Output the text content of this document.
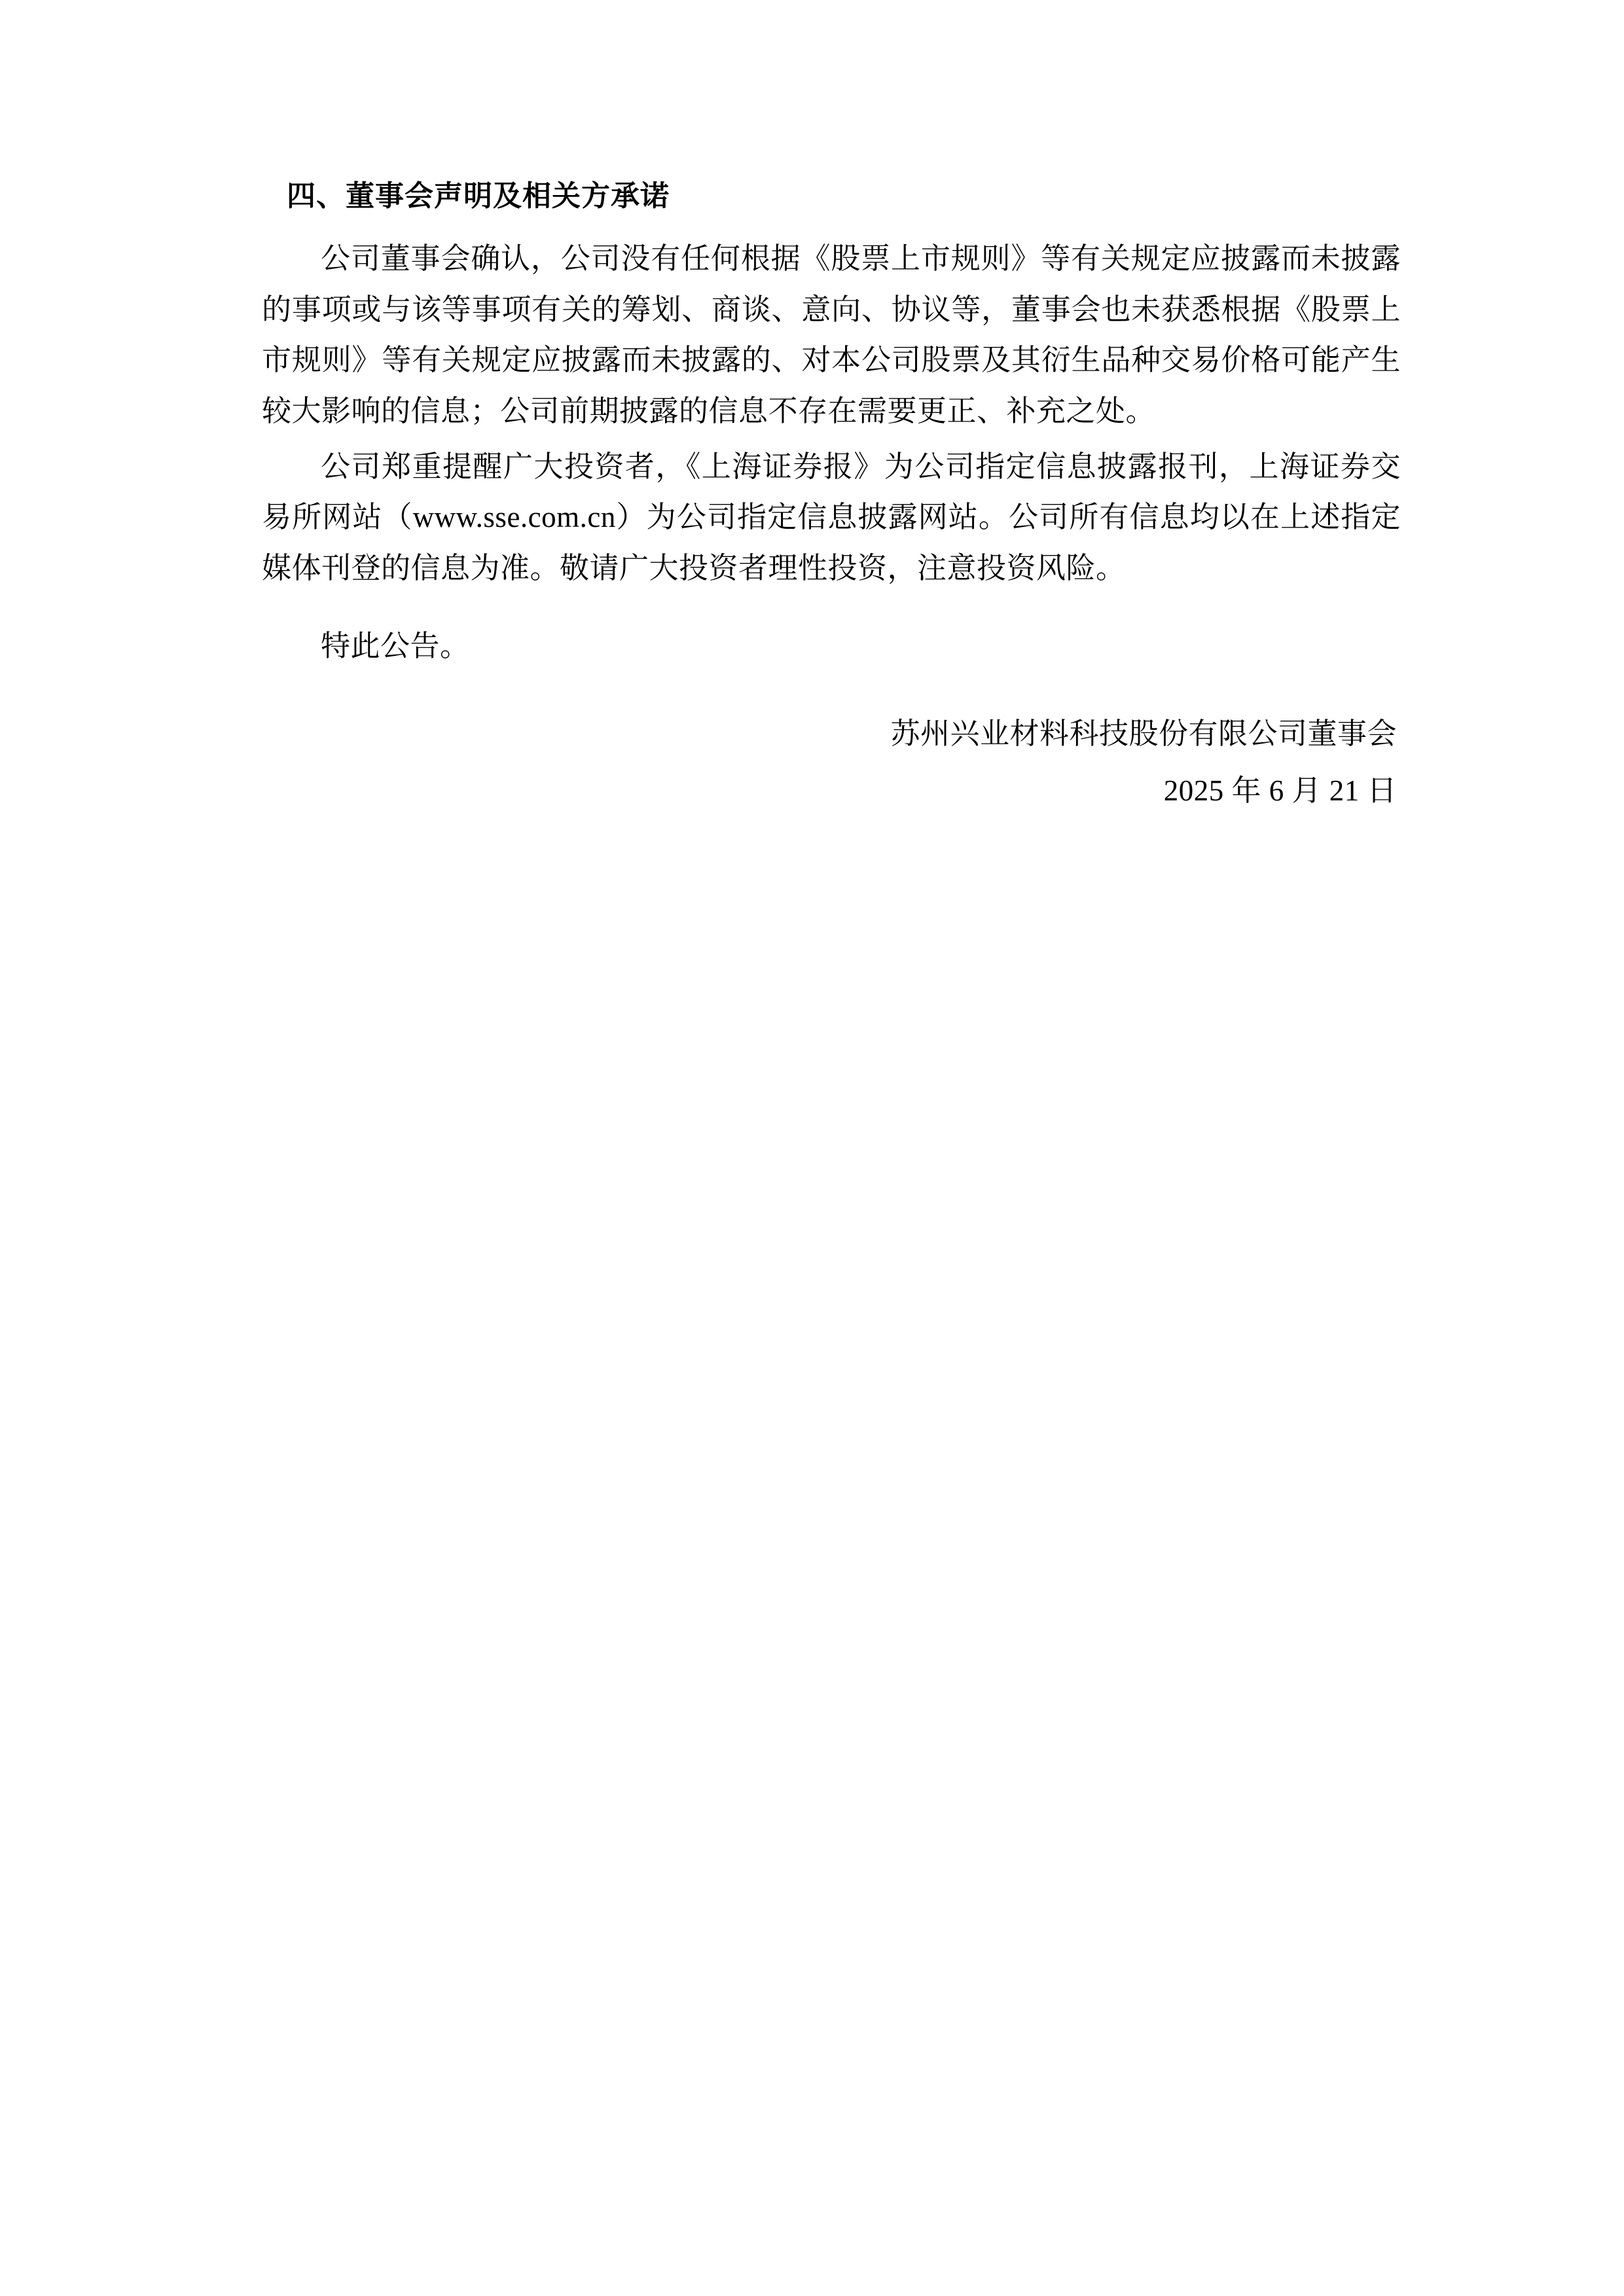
四、董事会声明及相关方承诺

公司董事会确认，公司没有任何根据《股票上市规则》等有关规定应披露而未披露的事项或与该等事项有关的筹划、商谈、意向、协议等，董事会也未获悉根据《股票上市规则》等有关规定应披露而未披露的、对本公司股票及其衍生品种交易价格可能产生较大影响的信息；公司前期披露的信息不存在需要更正、补充之处。

公司郑重提醒广大投资者，《上海证券报》为公司指定信息披露报刊，上海证券交易所网站（www.sse.com.cn）为公司指定信息披露网站。公司所有信息均以在上述指定媒体刊登的信息为准。敬请广大投资者理性投资，注意投资风险。

特此公告。

苏州兴业材料科技股份有限公司董事会
2025 年 6 月 21 日
